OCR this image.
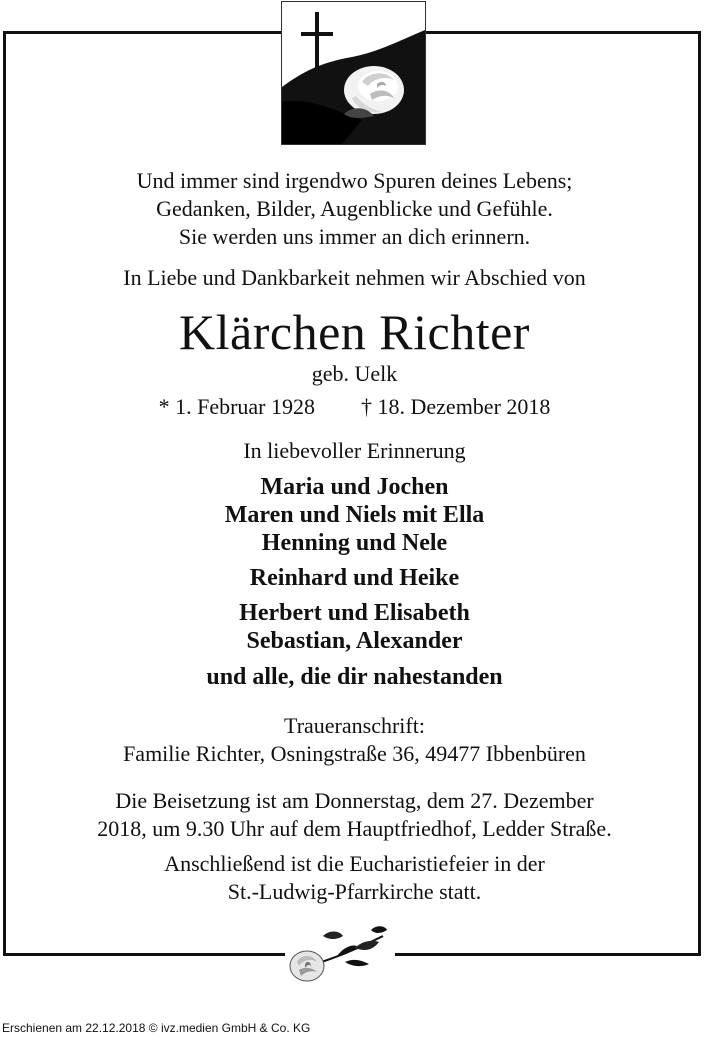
Und immer sind irgendwo Spuren deines Lebens;
Gedanken, Bilder, Augenblicke und Gefühle.
Sie werden uns immer an dich erinnern.
In Liebe und Dankbarkeit nehmen wir Abschied von
Klärchen Richter
geb. Uelk
* 1. Februar 1928 † 18. Dezember 2018
In liebevoller Erinnerung
Maria und Jochen
Maren und Niels mit Ella
Henning und Nele
Reinhard und Heike
Herbert und Elisabeth
Sebastian, Alexander
und alle, die dir nahestanden
Traueranschrift:
Familie Richter, Osningstraße 36, 49477 Ibbenbüren
Die Beisetzung ist am Donnerstag, dem 27. Dezember
2018, um 9.30 Uhr auf dem Hauptfriedhof, Ledder Straße.
Anschließend ist die Eucharistiefeier in der
St.-Ludwig-Pfarrkirche statt.
Erschienen am 22.12.2018 © ivz.medien GmbH & Co. KG
